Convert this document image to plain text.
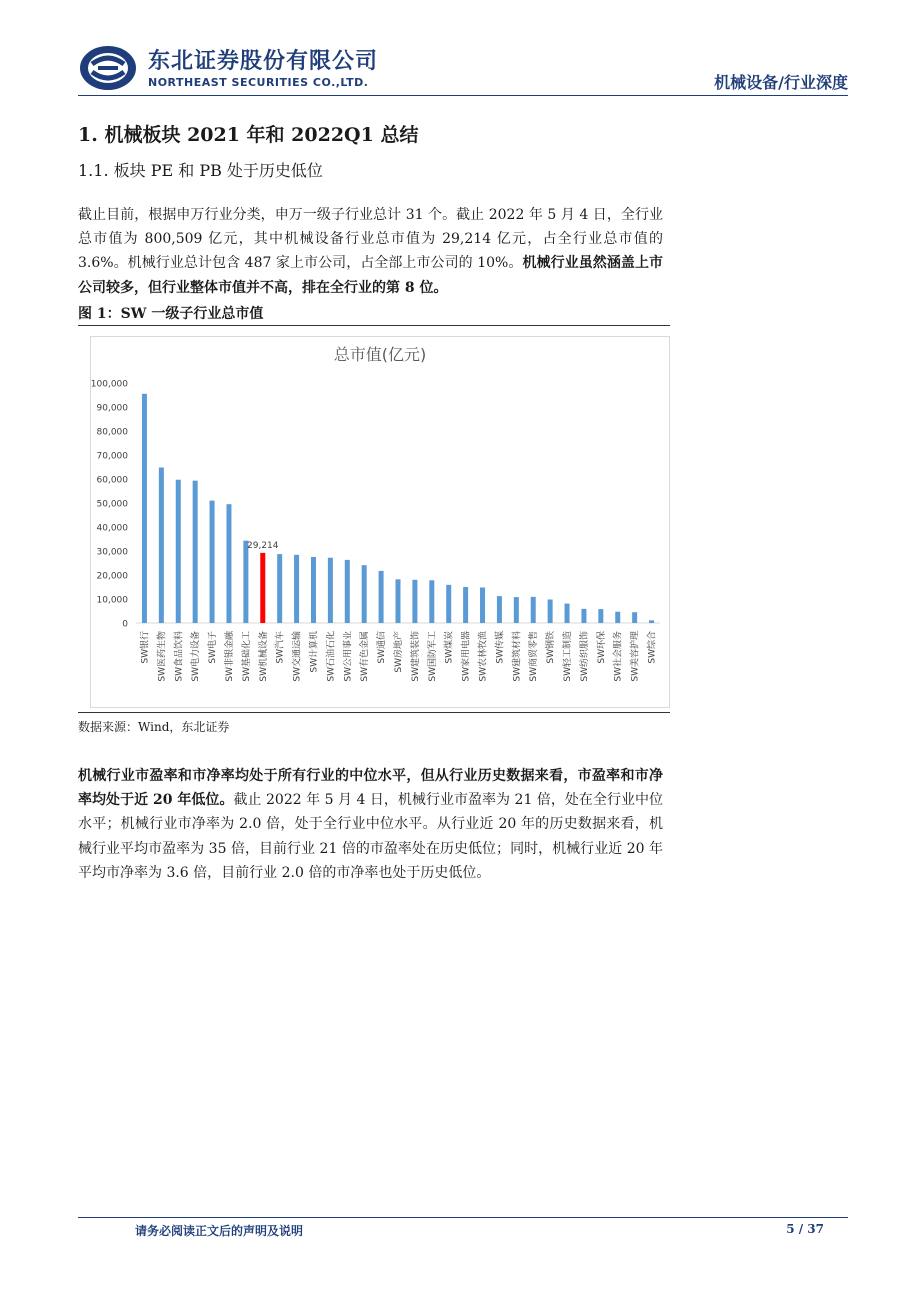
东北证券股份有限公司
NORTHEAST SECURITIES CO.,LTD.	机械设备/行业深度
1. 机械板块 2021 年和 2022Q1 总结
1.1. 板块 PE 和 PB 处于历史低位
截止目前，根据申万行业分类，申万一级子行业总计 31 个。截止 2022 年 5 月 4 日，全行业总市值为 800,509 亿元，其中机械设备行业总市值为 29,214 亿元，占全行业总市值的 3.6%。机械行业总计包含 487 家上市公司，占全部上市公司的 10%。机械行业虽然涵盖上市公司较多，但行业整体市值并不高，排在全行业的第 8 位。
图 1：SW 一级子行业总市值
总市值(亿元)
0
10,000
20,000
30,000
40,000
50,000
60,000
70,000
80,000
90,000
100,000
29,214
SW银行 SW医药生物 SW食品饮料 SW电力设备 SW电子 SW非银金融 SW基础化工 SW机械设备 SW汽车 SW交通运输 SW计算机 SW石油石化 SW公用事业 SW有色金属 SW通信 SW房地产 SW建筑装饰 SW国防军工 SW煤炭 SW家用电器 SW农林牧渔 SW传媒 SW建筑材料 SW商贸零售 SW钢铁 SW轻工制造 SW纺织服饰 SW环保 SW社会服务 SW美容护理 SW综合
数据来源：Wind，东北证券
机械行业市盈率和市净率均处于所有行业的中位水平，但从行业历史数据来看，市盈率和市净率均处于近 20 年低位。截止 2022 年 5 月 4 日，机械行业市盈率为 21 倍，处在全行业中位水平；机械行业市净率为 2.0 倍，处于全行业中位水平。从行业近 20 年的历史数据来看，机械行业平均市盈率为 35 倍，目前行业 21 倍的市盈率处在历史低位；同时，机械行业近 20 年平均市净率为 3.6 倍，目前行业 2.0 倍的市净率也处于历史低位。
请务必阅读正文后的声明及说明	5 / 37
